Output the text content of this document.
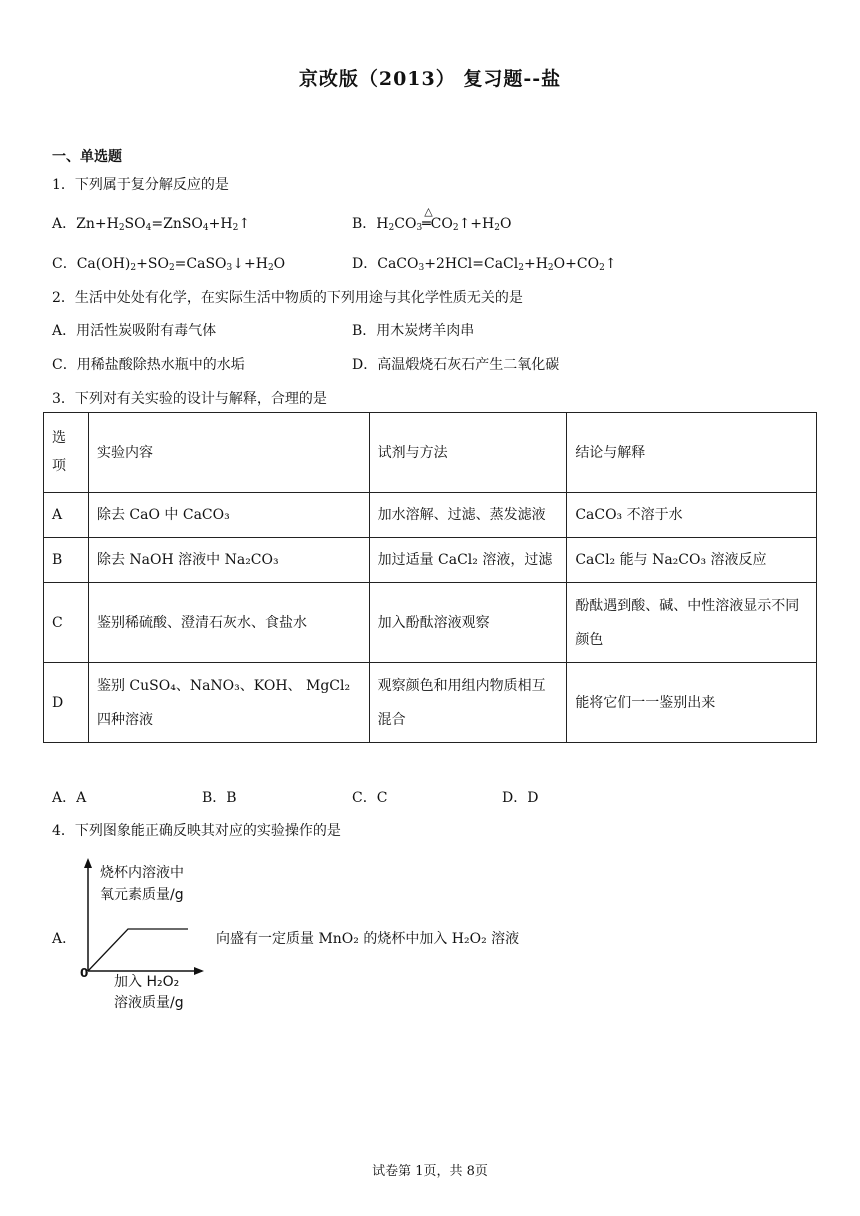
京改版（2013） 复习题--盐
一、单选题
1．下列属于复分解反应的是
A．$Zn+H_2SO_4=ZnSO_4+H_2↑$	B．$H_2CO_3$
△
$═CO_2↑+H_2O$
C．$Ca(OH)_2+SO_2=CaSO_3↓+H_2O$	D．$CaCO_3+2HCl=CaCl_2+H_2O+CO_2↑$
2．生活中处处有化学，在实际生活中物质的下列用途与其化学性质无关的是
A．用活性炭吸附有毒气体	B．用木炭烤羊肉串
C．用稀盐酸除热水瓶中的水垢	D．高温煅烧石灰石产生二氧化碳
3．下列对有关实验的设计与解释，合理的是
选项	实验内容	试剂与方法	结论与解释
A	除去 CaO 中 CaCO₃	加水溶解、过滤、蒸发滤液	CaCO₃ 不溶于水
B	除去 NaOH 溶液中 Na₂CO₃	加过适量 CaCl₂ 溶液，过滤	CaCl₂ 能与 Na₂CO₃ 溶液反应
C	鉴别稀硫酸、澄清石灰水、食盐水	加入酚酞溶液观察	酚酞遇到酸、碱、中性溶液显示不同颜色
D	鉴别 CuSO₄、NaNO₃、KOH、 MgCl₂ 四种溶液	观察颜色和用组内物质相互混合	能将它们一一鉴别出来
A．A	B．B	C．C	D．D
4．下列图象能正确反映其对应的实验操作的是
A．	向盛有一定质量 MnO₂ 的烧杯中加入 H₂O₂ 溶液
烧杯内溶液中
氧元素质量/g
0
加入 H₂O₂
溶液质量/g
试卷第 1页，共 8页
